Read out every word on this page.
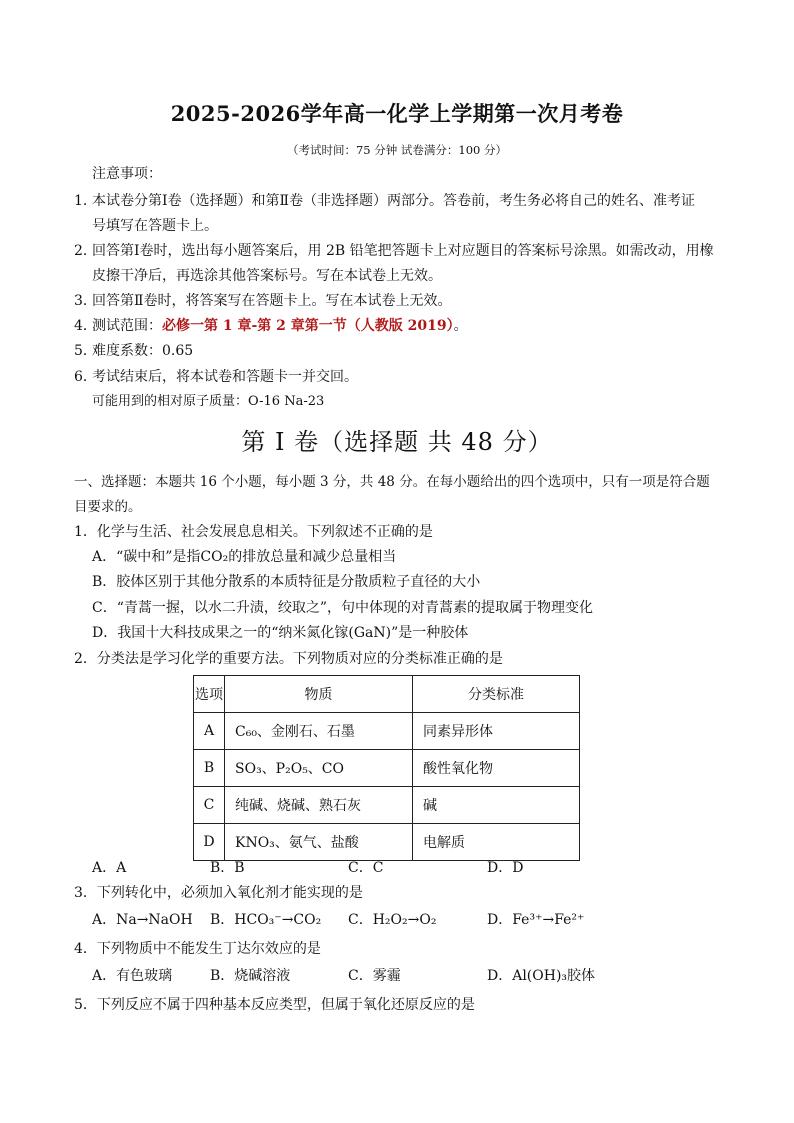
2025-2026学年高一化学上学期第一次月考卷
（考试时间：75 分钟 试卷满分：100 分）
注意事项：
1．本试卷分第Ⅰ卷（选择题）和第Ⅱ卷（非选择题）两部分。答卷前，考生务必将自己的姓名、准考证
号填写在答题卡上。
2．回答第Ⅰ卷时，选出每小题答案后，用 2B 铅笔把答题卡上对应题目的答案标号涂黑。如需改动，用橡
皮擦干净后，再选涂其他答案标号。写在本试卷上无效。
3．回答第Ⅱ卷时，将答案写在答题卡上。写在本试卷上无效。
4．测试范围：必修一第 1 章-第 2 章第一节（人教版 2019）。
5．难度系数：0.65
6．考试结束后，将本试卷和答题卡一并交回。
可能用到的相对原子质量：O-16 Na-23
第 I 卷（选择题 共 48 分）
一、选择题：本题共 16 个小题，每小题 3 分，共 48 分。在每小题给出的四个选项中，只有一项是符合题
目要求的。
1．化学与生活、社会发展息息相关。下列叙述不正确的是
A．“碳中和”是指CO₂的排放总量和减少总量相当
B．胶体区别于其他分散系的本质特征是分散质粒子直径的大小
C．“青蒿一握，以水二升渍，绞取之”，句中体现的对青蒿素的提取属于物理变化
D．我国十大科技成果之一的“纳米氮化镓(GaN)”是一种胶体
2．分类法是学习化学的重要方法。下列物质对应的分类标准正确的是
选项	物质	分类标准
A	C₆₀、金刚石、石墨	同素异形体
B	SO₃、P₂O₅、CO	酸性氧化物
C	纯碱、烧碱、熟石灰	碱
D	KNO₃、氨气、盐酸	电解质
A．A	B．B	C．C	D．D
3．下列转化中，必须加入氧化剂才能实现的是
A．Na→NaOH B．HCO₃⁻→CO₂ C．H₂O₂→O₂	D．Fe³⁺→Fe²⁺
4．下列物质中不能发生丁达尔效应的是
A．有色玻璃	B．烧碱溶液	C．雾霾	D．Al(OH)₃胶体
5．下列反应不属于四种基本反应类型，但属于氧化还原反应的是
